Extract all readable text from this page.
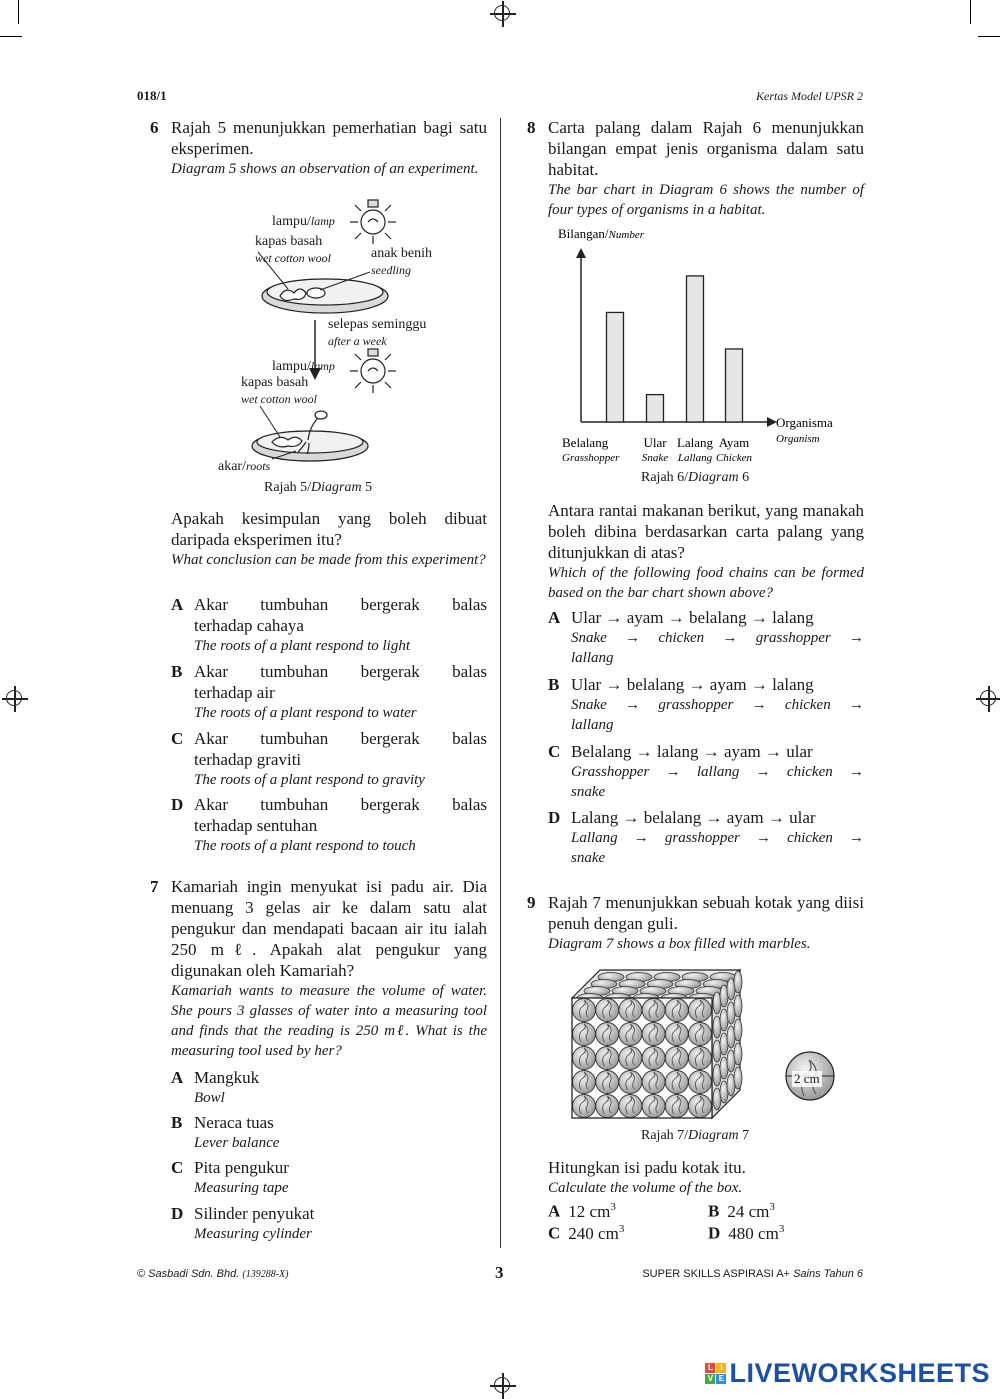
018/1	Kertas Model UPSR 2
6 Rajah 5 menunjukkan pemerhatian bagi satu eksperimen.
Diagram 5 shows an observation of an experiment.
lampu/lamp
kapas basah
wet cotton wool	anak benih
seedling
selepas seminggu
after a week
lampu/lamp
kapas basah
wet cotton wool
akar/roots
Rajah 5/Diagram 5
Apakah kesimpulan yang boleh dibuat daripada eksperimen itu?
What conclusion can be made from this experiment?
A Akar tumbuhan bergerak balas
terhadap cahaya
The roots of a plant respond to light
B Akar tumbuhan bergerak balas
terhadap air
The roots of a plant respond to water
C Akar tumbuhan bergerak balas
terhadap graviti
The roots of a plant respond to gravity
D Akar tumbuhan bergerak balas
terhadap sentuhan
The roots of a plant respond to touch
7 Kamariah ingin menyukat isi padu air. Dia menuang 3 gelas air ke dalam satu alat pengukur dan mendapati bacaan air itu ialah 250 mℓ. Apakah alat pengukur yang digunakan oleh Kamariah?
Kamariah wants to measure the volume of water. She pours 3 glasses of water into a measuring tool and finds that the reading is 250 mℓ. What is the measuring tool used by her?
A Mangkuk
Bowl
B Neraca tuas
Lever balance
C Pita pengukur
Measuring tape
D Silinder penyukat
Measuring cylinder
8 Carta palang dalam Rajah 6 menunjukkan bilangan empat jenis organisma dalam satu habitat.
The bar chart in Diagram 6 shows the number of four types of organisms in a habitat.
Bilangan/Number
Organisma
Organism
Belalang
Grasshopper
Ular
Snake
Lalang
Lallang
Ayam
Chicken
Rajah 6/Diagram 6
Antara rantai makanan berikut, yang manakah boleh dibina berdasarkan carta palang yang ditunjukkan di atas?
Which of the following food chains can be formed based on the bar chart shown above?
A Ular → ayam → belalang → lalang
Snake → chicken → grasshopper →
lallang
B Ular → belalang → ayam → lalang
Snake → grasshopper → chicken →
lallang
C Belalang → lalang → ayam → ular
Grasshopper → lallang → chicken →
snake
D Lalang → belalang → ayam → ular
Lallang → grasshopper → chicken →
snake
9 Rajah 7 menunjukkan sebuah kotak yang diisi penuh dengan guli.
Diagram 7 shows a box filled with marbles.
2 cm
Rajah 7/Diagram 7
Hitungkan isi padu kotak itu.
Calculate the volume of the box.
A 12 $cm^3$	B 24 $cm^3$
C 240 $cm^3$	D 480 $cm^3$
© Sasbadi Sdn. Bhd. (139288-X)	3	SUPER SKILLS ASPIRASI A+ Sains Tahun 6
L I
V E LIVEWORKSHEETS
